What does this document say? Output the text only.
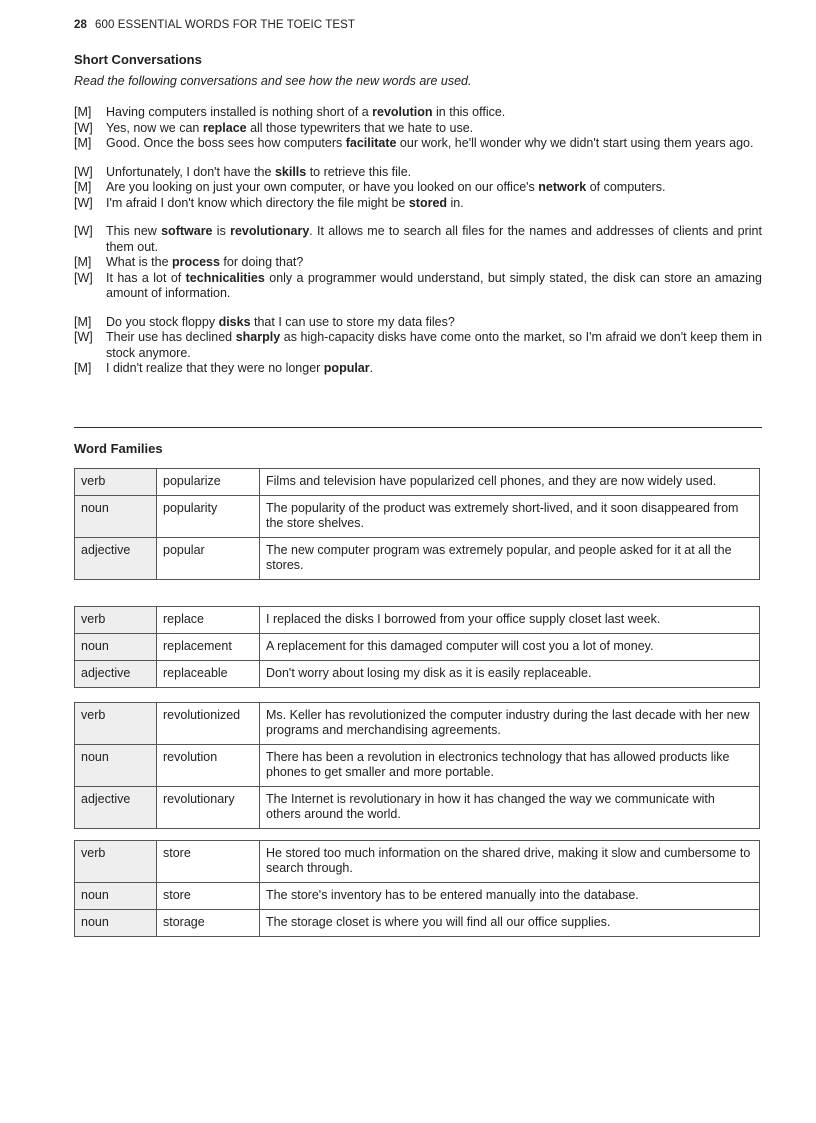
28 600 ESSENTIAL WORDS FOR THE TOEIC TEST
Short Conversations
Read the following conversations and see how the new words are used.
[M]	Having computers installed is nothing short of a revolution in this office.
[W]	Yes, now we can replace all those typewriters that we hate to use.
[M]	Good. Once the boss sees how computers facilitate our work, he'll wonder why we didn't start using them years ago.
[W]	Unfortunately, I don't have the skills to retrieve this file.
[M]	Are you looking on just your own computer, or have you looked on our office's network of computers.
[W]	I'm afraid I don't know which directory the file might be stored in.
[W]	This new software is revolutionary. It allows me to search all files for the names and addresses of clients and print them out.
[M]	What is the process for doing that?
[W]	It has a lot of technicalities only a programmer would understand, but simply stated, the disk can store an amazing amount of information.
[M]	Do you stock floppy disks that I can use to store my data files?
[W]	Their use has declined sharply as high-capacity disks have come onto the market, so I'm afraid we don't keep them in stock anymore.
[M]	I didn't realize that they were no longer popular.
Word Families
verb	popularize	Films and television have popularized cell phones, and they are now widely used.
noun	popularity	The popularity of the product was extremely short-lived, and it soon disappeared from the store shelves.
adjective	popular	The new computer program was extremely popular, and people asked for it at all the stores.
verb	replace	I replaced the disks I borrowed from your office supply closet last week.
noun	replacement	A replacement for this damaged computer will cost you a lot of money.
adjective	replaceable	Don't worry about losing my disk as it is easily replaceable.
verb	revolutionized	Ms. Keller has revolutionized the computer industry during the last decade with her new programs and merchandising agreements.
noun	revolution	There has been a revolution in electronics technology that has allowed products like phones to get smaller and more portable.
adjective	revolutionary	The Internet is revolutionary in how it has changed the way we communicate with others around the world.
verb	store	He stored too much information on the shared drive, making it slow and cumbersome to search through.
noun	store	The store's inventory has to be entered manually into the database.
noun	storage	The storage closet is where you will find all our office supplies.
